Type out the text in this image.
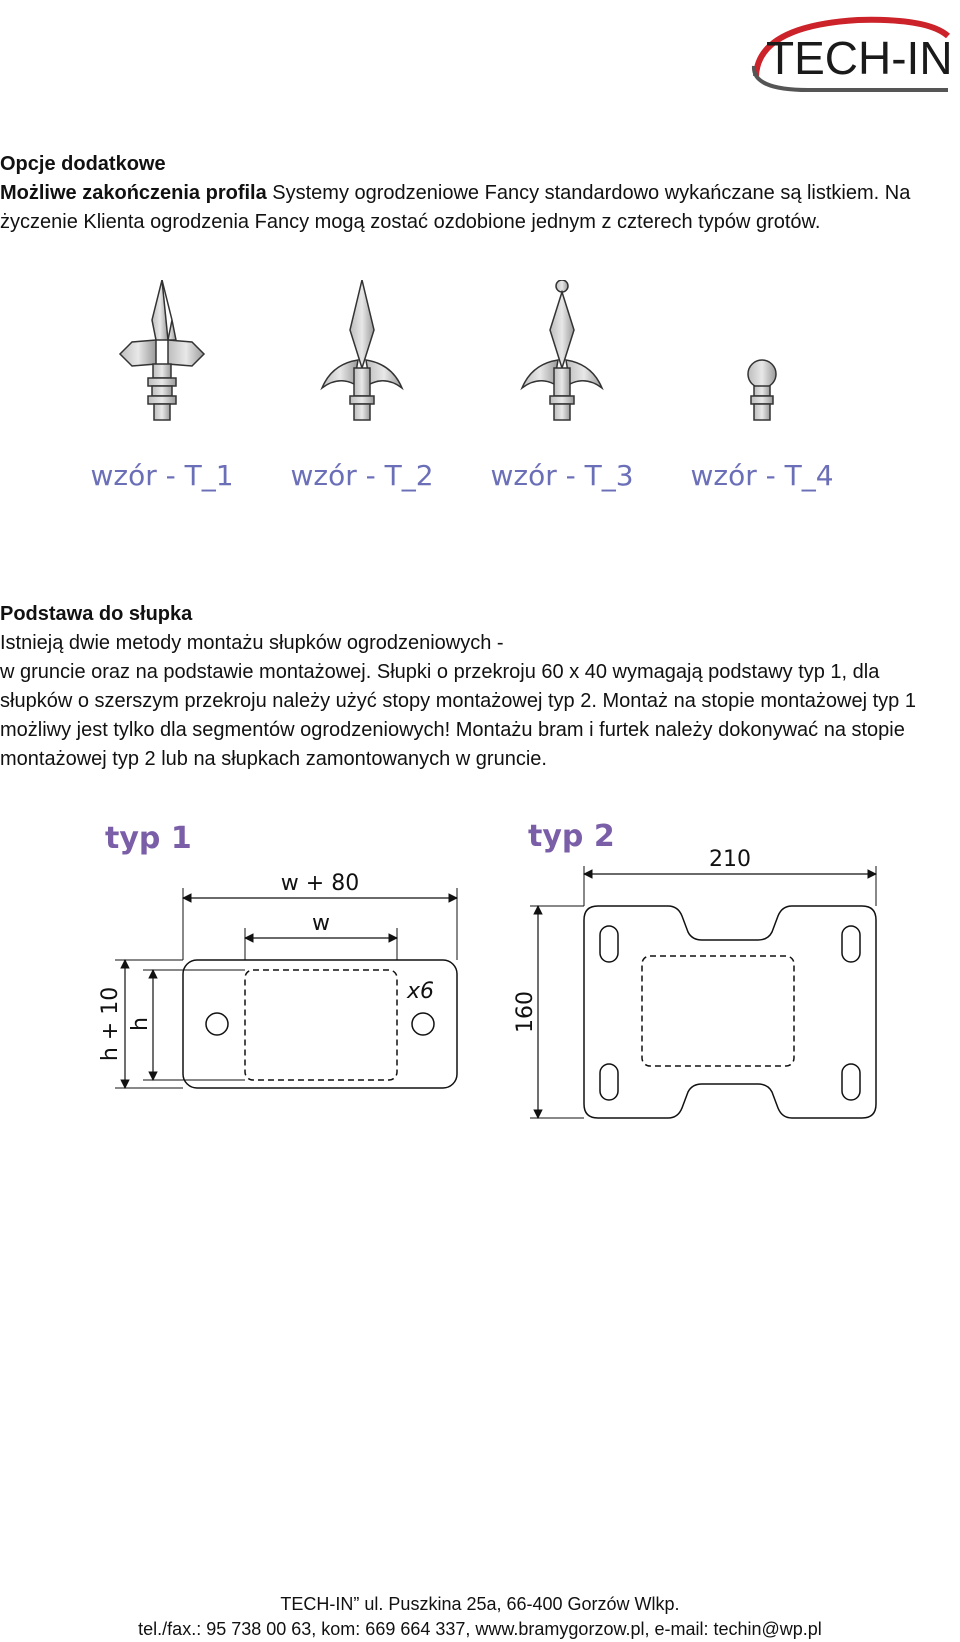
TECH-IN

Opcje dodatkowe

Możliwe zakończenia profila Systemy ogrodzeniowe Fancy standardowo wykańczane są listkiem. Na

życzenie Klienta ogrodzenia Fancy mogą zostać ozdobione jednym z czterech typów grotów.

wzór - T_1 wzór - T_2 wzór - T_3 wzór - T_4

Podstawa do słupka

Istnieją dwie metody montażu słupków ogrodzeniowych -

w gruncie oraz na podstawie montażowej. Słupki o przekroju 60 x 40 wymagają podstawy typ 1, dla

słupków o szerszym przekroju należy użyć stopy montażowej typ 2. Montaż na stopie montażowej typ 1

możliwy jest tylko dla segmentów ogrodzeniowych! Montażu bram i furtek należy dokonywać na stopie

montażowej typ 2 lub na słupkach zamontowanych w gruncie.

typ 1
w + 80
w
x6
h + 10 h
typ 2
210
160

TECH-IN” ul. Puszkina 25a, 66-400 Gorzów Wlkp.

tel./fax.: 95 738 00 63, kom: 669 664 337, www.bramygorzow.pl, e-mail: techin@wp.pl
